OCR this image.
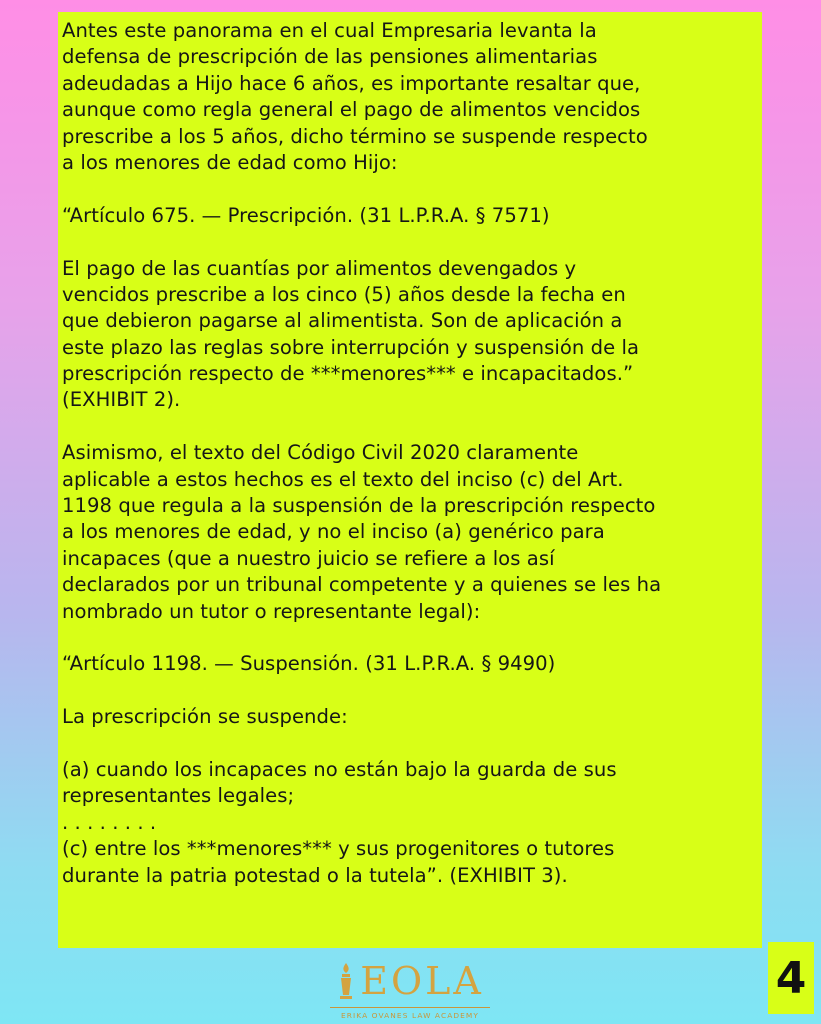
Antes este panorama en el cual Empresaria levanta la
defensa de prescripción de las pensiones alimentarias
adeudadas a Hijo hace 6 años, es importante resaltar que,
aunque como regla general el pago de alimentos vencidos
prescribe a los 5 años, dicho término se suspende respecto
a los menores de edad como Hijo:
“Artículo 675. — Prescripción. (31 L.P.R.A. § 7571)
El pago de las cuantías por alimentos devengados y
vencidos prescribe a los cinco (5) años desde la fecha en
que debieron pagarse al alimentista. Son de aplicación a
este plazo las reglas sobre interrupción y suspensión de la
prescripción respecto de ***menores*** e incapacitados.”
(EXHIBIT 2).
Asimismo, el texto del Código Civil 2020 claramente
aplicable a estos hechos es el texto del inciso (c) del Art.
1198 que regula a la suspensión de la prescripción respecto
a los menores de edad, y no el inciso (a) genérico para
incapaces (que a nuestro juicio se refiere a los así
declarados por un tribunal competente y a quienes se les ha
nombrado un tutor o representante legal):
“Artículo 1198. — Suspensión. (31 L.P.R.A. § 9490)
La prescripción se suspende:
(a) cuando los incapaces no están bajo la guarda de sus
representantes legales;
. . . . . . . .
(c) entre los ***menores*** y sus progenitores o tutores
durante la patria potestad o la tutela”. (EXHIBIT 3).
EOLA
ERIKA OVANES LAW ACADEMY
4
